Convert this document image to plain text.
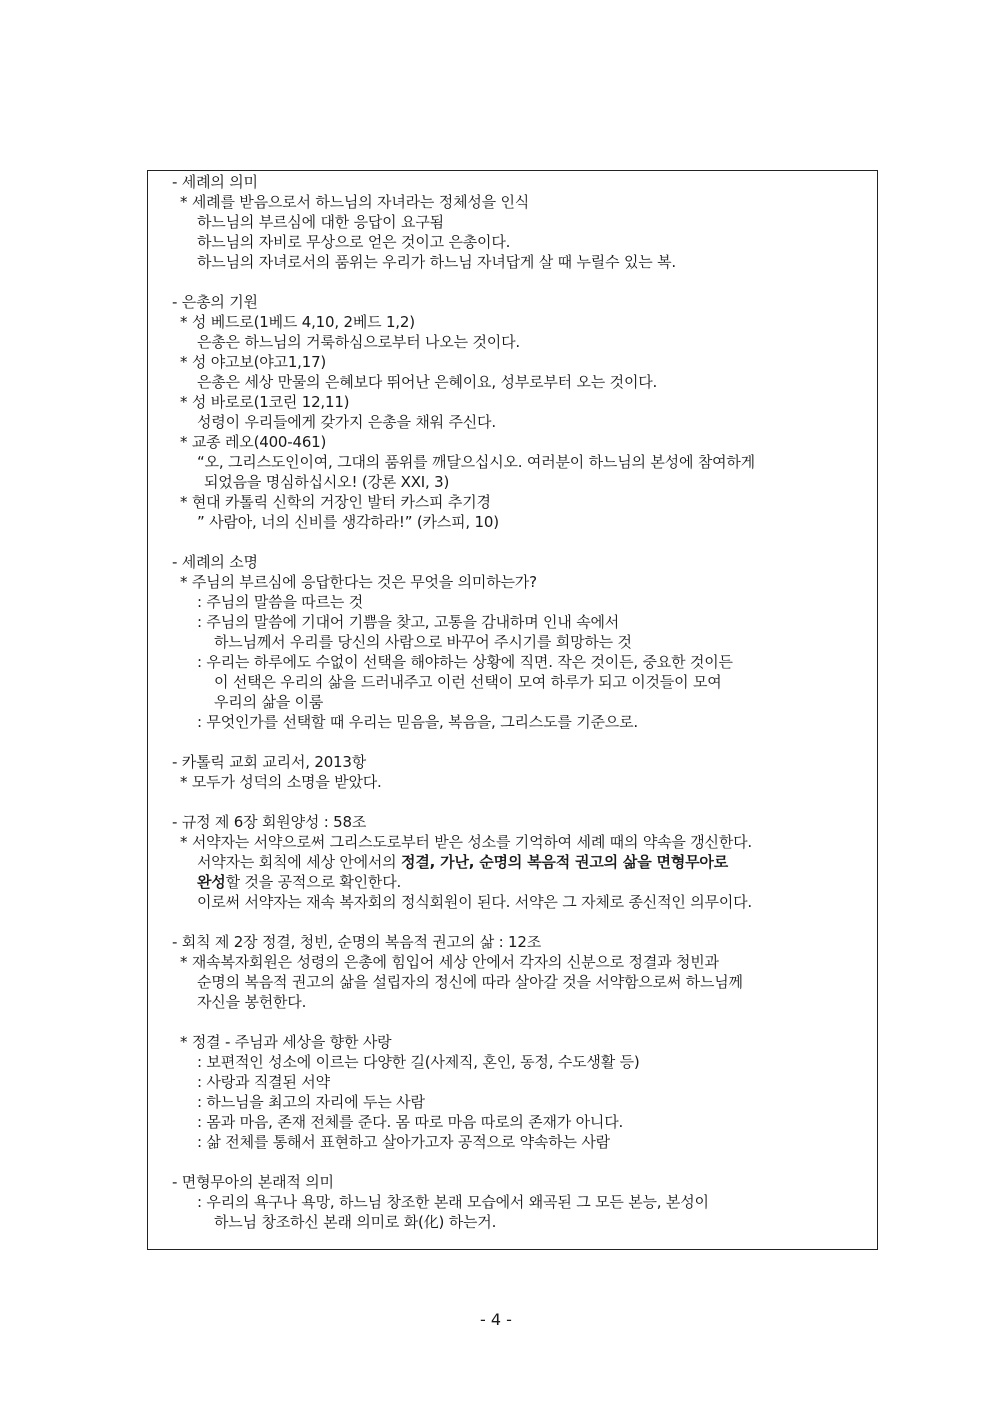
- 세례의 의미
* 세례를 받음으로서 하느님의 자녀라는 정체성을 인식
하느님의 부르심에 대한 응답이 요구됨
하느님의 자비로 무상으로 얻은 것이고 은총이다.
하느님의 자녀로서의 품위는 우리가 하느님 자녀답게 살 때 누릴수 있는 복.
- 은총의 기원
* 성 베드로(1베드 4,10, 2베드 1,2)
은총은 하느님의 거룩하심으로부터 나오는 것이다.
* 성 야고보(야고1,17)
은총은 세상 만물의 은혜보다 뛰어난 은혜이요, 성부로부터 오는 것이다.
* 성 바로로(1코린 12,11)
성령이 우리들에게 갖가지 은총을 채워 주신다.
* 교종 레오(400-461)
“오, 그리스도인이여, 그대의 품위를 깨달으십시오. 여러분이 하느님의 본성에 참여하게
되었음을 명심하십시오! (강론 XXI, 3)
* 현대 카톨릭 신학의 거장인 발터 카스피 추기경
” 사람아, 너의 신비를 생각하라!” (카스피, 10)
- 세례의 소명
* 주님의 부르심에 응답한다는 것은 무엇을 의미하는가?
: 주님의 말씀을 따르는 것
: 주님의 말씀에 기대어 기쁨을 찾고, 고통을 감내하며 인내 속에서
하느님께서 우리를 당신의 사람으로 바꾸어 주시기를 희망하는 것
: 우리는 하루에도 수없이 선택을 해야하는 상황에 직면. 작은 것이든, 중요한 것이든
이 선택은 우리의 삶을 드러내주고 이런 선택이 모여 하루가 되고 이것들이 모여
우리의 삶을 이룸
: 무엇인가를 선택할 때 우리는 믿음을, 복음을, 그리스도를 기준으로.
- 카톨릭 교회 교리서, 2013항
* 모두가 성덕의 소명을 받았다.
- 규정 제 6장 회원양성 : 58조
* 서약자는 서약으로써 그리스도로부터 받은 성소를 기억하여 세례 때의 약속을 갱신한다.
서약자는 회칙에 세상 안에서의 정결, 가난, 순명의 복음적 권고의 삶을 면형무아로
완성할 것을 공적으로 확인한다.
이로써 서약자는 재속 복자회의 정식회원이 된다. 서약은 그 자체로 종신적인 의무이다.
- 회칙 제 2장 정결, 청빈, 순명의 복음적 권고의 삶 : 12조
* 재속복자회원은 성령의 은총에 힘입어 세상 안에서 각자의 신분으로 정결과 청빈과
순명의 복음적 권고의 삶을 설립자의 정신에 따라 살아갈 것을 서약함으로써 하느님께
자신을 봉헌한다.
* 정결 - 주님과 세상을 향한 사랑
: 보편적인 성소에 이르는 다양한 길(사제직, 혼인, 동정, 수도생활 등)
: 사랑과 직결된 서약
: 하느님을 최고의 자리에 두는 사람
: 몸과 마음, 존재 전체를 준다. 몸 따로 마음 따로의 존재가 아니다.
: 삶 전체를 통해서 표현하고 살아가고자 공적으로 약속하는 사람
- 면형무아의 본래적 의미
: 우리의 욕구나 욕망, 하느님 창조한 본래 모습에서 왜곡된 그 모든 본능, 본성이
하느님 창조하신 본래 의미로 화(化) 하는거.
- 4 -
